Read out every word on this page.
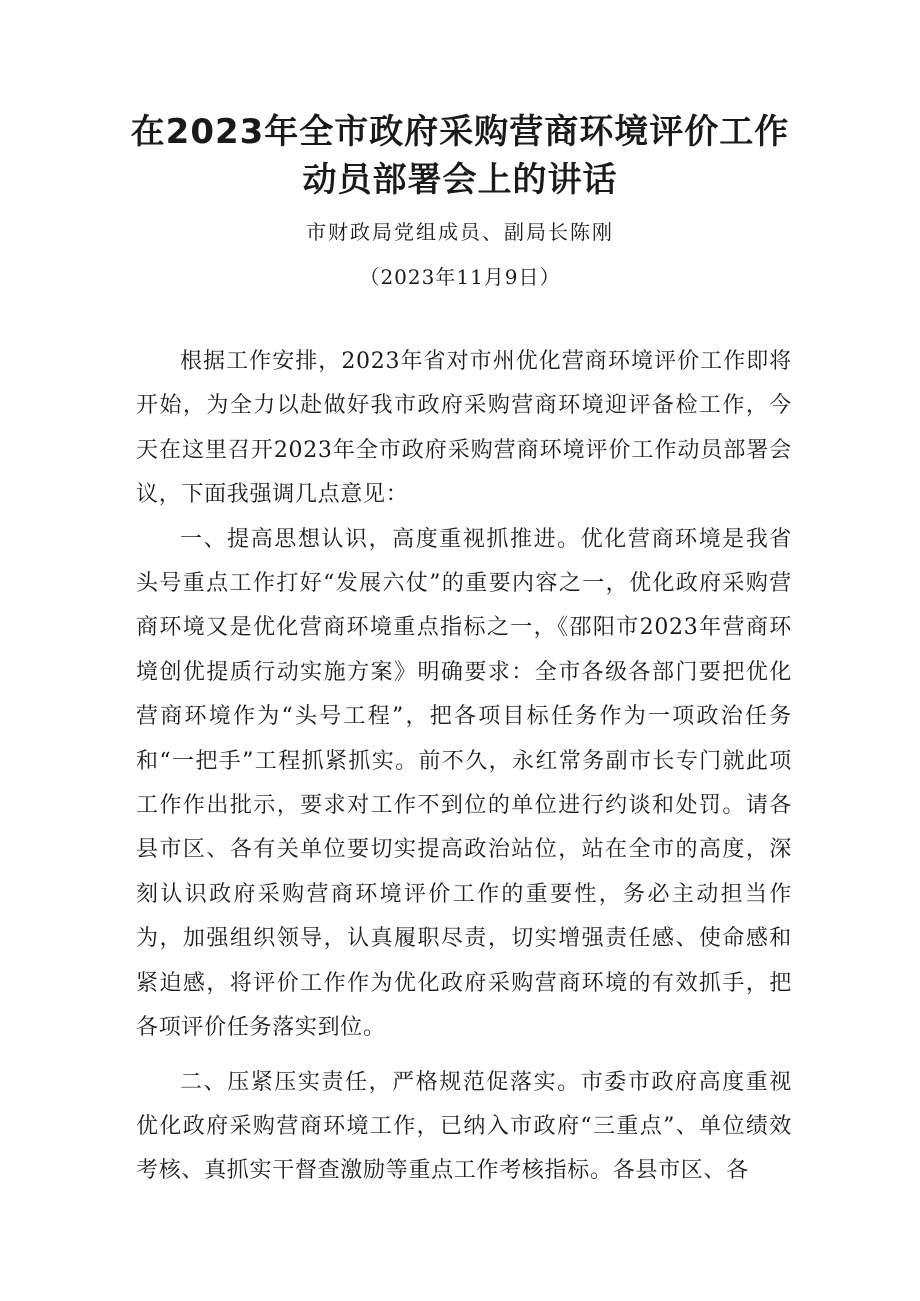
在2023年全市政府采购营商环境评价工作
动员部署会上的讲话
市财政局党组成员、副局长陈刚
（2023年11月9日）

根据工作安排，2023年省对市州优化营商环境评价工作即将开始，为全力以赴做好我市政府采购营商环境迎评备检工作，今天在这里召开2023年全市政府采购营商环境评价工作动员部署会议，下面我强调几点意见：

一、提高思想认识，高度重视抓推进。优化营商环境是我省头号重点工作打好“发展六仗”的重要内容之一，优化政府采购营商环境又是优化营商环境重点指标之一，《邵阳市2023年营商环境创优提质行动实施方案》明确要求：全市各级各部门要把优化营商环境作为“头号工程”，把各项目标任务作为一项政治任务和“一把手”工程抓紧抓实。前不久，永红常务副市长专门就此项工作作出批示，要求对工作不到位的单位进行约谈和处罚。请各县市区、各有关单位要切实提高政治站位，站在全市的高度，深刻认识政府采购营商环境评价工作的重要性，务必主动担当作为，加强组织领导，认真履职尽责，切实增强责任感、使命感和紧迫感，将评价工作作为优化政府采购营商环境的有效抓手，把各项评价任务落实到位。

二、压紧压实责任，严格规范促落实。市委市政府高度重视优化政府采购营商环境工作，已纳入市政府“三重点”、单位绩效考核、真抓实干督查激励等重点工作考核指标。各县市区、各
